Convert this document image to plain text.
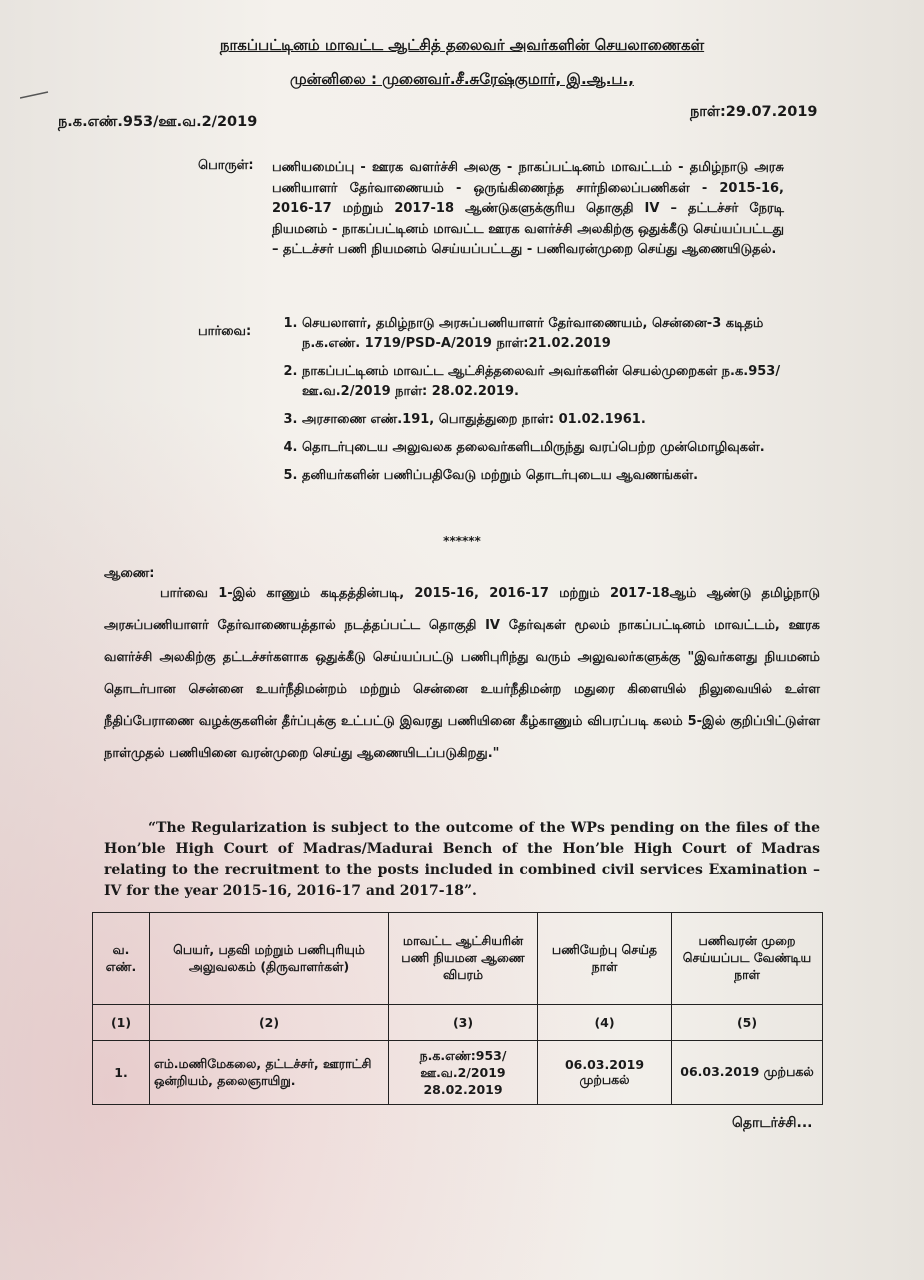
நாகப்பட்டினம் மாவட்ட ஆட்சித் தலைவர் அவர்களின் செயலாணைகள்
முன்னிலை : முனைவர்.சீ.சுரேஷ்குமார், இ.ஆ.ப.,
ந.க.எண்.953/ஊ.வ.2/2019
நாள்:29.07.2019
பொருள்: பணியமைப்பு - ஊரக வளர்ச்சி அலகு - நாகப்பட்டினம் மாவட்டம் - தமிழ்நாடு அரசு பணியாளர் தேர்வாணையம் - ஒருங்கிணைந்த சார்நிலைப்பணிகள் - 2015-16, 2016-17 மற்றும் 2017-18 ஆண்டுகளுக்குரிய தொகுதி IV – தட்டச்சர் நேரடி நியமனம் - நாகப்பட்டினம் மாவட்ட ஊரக வளர்ச்சி அலகிற்கு ஒதுக்கீடு செய்யப்பட்டது – தட்டச்சர் பணி நியமனம் செய்யப்பட்டது - பணிவரன்முறை செய்து ஆணையிடுதல்.
பார்வை:
1. செயலாளர், தமிழ்நாடு அரசுப்பணியாளர் தேர்வாணையம், சென்னை-3 கடிதம் ந.க.எண். 1719/PSD-A/2019 நாள்:21.02.2019
2. நாகப்பட்டினம் மாவட்ட ஆட்சித்தலைவர் அவர்களின் செயல்முறைகள் ந.க.953/ஊ.வ.2/2019 நாள்: 28.02.2019.
3. அரசாணை எண்.191, பொதுத்துறை நாள்: 01.02.1961.
4. தொடர்புடைய அலுவலக தலைவர்களிடமிருந்து வரப்பெற்ற முன்மொழிவுகள்.
5. தனியர்களின் பணிப்பதிவேடு மற்றும் தொடர்புடைய ஆவணங்கள்.
******
ஆணை:
பார்வை 1-இல் காணும் கடிதத்தின்படி, 2015-16, 2016-17 மற்றும் 2017-18ஆம் ஆண்டு தமிழ்நாடு அரசுப்பணியாளர் தேர்வாணையத்தால் நடத்தப்பட்ட தொகுதி IV தேர்வுகள் மூலம் நாகப்பட்டினம் மாவட்டம், ஊரக வளர்ச்சி அலகிற்கு தட்டச்சர்களாக ஒதுக்கீடு செய்யப்பட்டு பணிபுரிந்து வரும் அலுவலர்களுக்கு "இவர்களது நியமனம் தொடர்பான சென்னை உயர்நீதிமன்றம் மற்றும் சென்னை உயர்நீதிமன்ற மதுரை கிளையில் நிலுவையில் உள்ள நீதிப்பேராணை வழக்குகளின் தீர்ப்புக்கு உட்பட்டு இவரது பணியினை கீழ்காணும் விபரப்படி கலம் 5-இல் குறிப்பிட்டுள்ள நாள்முதல் பணியினை வரன்முறை செய்து ஆணையிடப்படுகிறது."
“The Regularization is subject to the outcome of the WPs pending on the files of the Hon’ble High Court of Madras/Madurai Bench of the Hon’ble High Court of Madras relating to the recruitment to the posts included in combined civil services Examination – IV for the year 2015-16, 2016-17 and 2017-18”.
வ. எண்.	பெயர், பதவி மற்றும் பணிபுரியும் அலுவலகம் (திருவாளர்கள்)	மாவட்ட ஆட்சியரின் பணி நியமன ஆணை விபரம்	பணியேற்பு செய்த நாள்	பணிவரன் முறை செய்யப்பட வேண்டிய நாள்
(1)	(2)	(3)	(4)	(5)
1.	எம்.மணிமேகலை, தட்டச்சர், ஊராட்சி ஒன்றியம், தலைஞாயிறு.	ந.க.எண்:953/ ஊ.வ.2/2019 28.02.2019	06.03.2019 முற்பகல்	06.03.2019 முற்பகல்
தொடர்ச்சி...
